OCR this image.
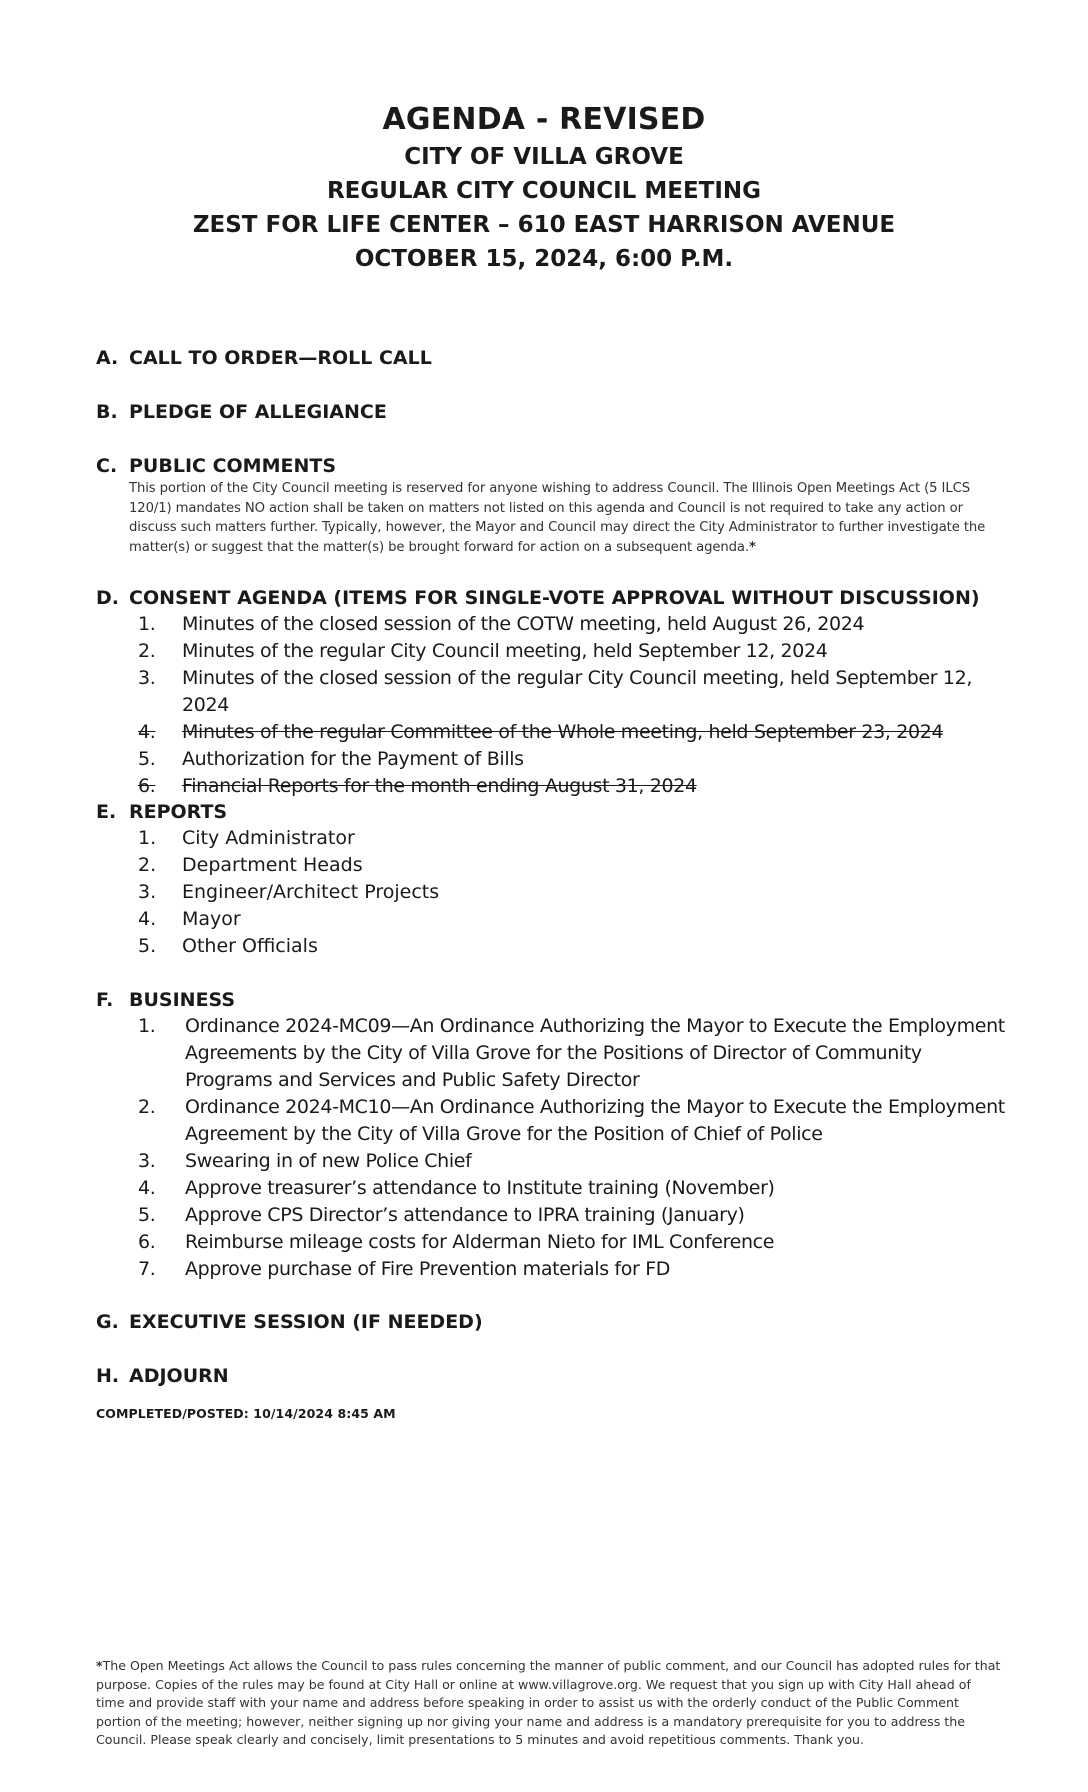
AGENDA - REVISED
CITY OF VILLA GROVE
REGULAR CITY COUNCIL MEETING
ZEST FOR LIFE CENTER – 610 EAST HARRISON AVENUE
OCTOBER 15, 2024, 6:00 P.M.
A. CALL TO ORDER—ROLL CALL
B. PLEDGE OF ALLEGIANCE
C. PUBLIC COMMENTS
This portion of the City Council meeting is reserved for anyone wishing to address Council. The Illinois Open Meetings Act (5 ILCS 120/1) mandates NO action shall be taken on matters not listed on this agenda and Council is not required to take any action or discuss such matters further. Typically, however, the Mayor and Council may direct the City Administrator to further investigate the matter(s) or suggest that the matter(s) be brought forward for action on a subsequent agenda.*
D. CONSENT AGENDA (ITEMS FOR SINGLE-VOTE APPROVAL WITHOUT DISCUSSION)
1.	Minutes of the closed session of the COTW meeting, held August 26, 2024
2.	Minutes of the regular City Council meeting, held September 12, 2024
3.	Minutes of the closed session of the regular City Council meeting, held September 12, 2024
4.	Minutes of the regular Committee of the Whole meeting, held September 23, 2024
5.	Authorization for the Payment of Bills
6.	Financial Reports for the month ending August 31, 2024
E. REPORTS
1.	City Administrator
2.	Department Heads
3.	Engineer/Architect Projects
4.	Mayor
5.	Other Officials
F. BUSINESS
1.	Ordinance 2024-MC09—An Ordinance Authorizing the Mayor to Execute the Employment Agreements by the City of Villa Grove for the Positions of Director of Community Programs and Services and Public Safety Director
2.	Ordinance 2024-MC10—An Ordinance Authorizing the Mayor to Execute the Employment Agreement by the City of Villa Grove for the Position of Chief of Police
3.	Swearing in of new Police Chief
4.	Approve treasurer’s attendance to Institute training (November)
5.	Approve CPS Director’s attendance to IPRA training (January)
6.	Reimburse mileage costs for Alderman Nieto for IML Conference
7.	Approve purchase of Fire Prevention materials for FD
G. EXECUTIVE SESSION (IF NEEDED)
H. ADJOURN
COMPLETED/POSTED: 10/14/2024 8:45 AM
*The Open Meetings Act allows the Council to pass rules concerning the manner of public comment, and our Council has adopted rules for that purpose. Copies of the rules may be found at City Hall or online at www.villagrove.org. We request that you sign up with City Hall ahead of time and provide staff with your name and address before speaking in order to assist us with the orderly conduct of the Public Comment portion of the meeting; however, neither signing up nor giving your name and address is a mandatory prerequisite for you to address the Council. Please speak clearly and concisely, limit presentations to 5 minutes and avoid repetitious comments. Thank you.
